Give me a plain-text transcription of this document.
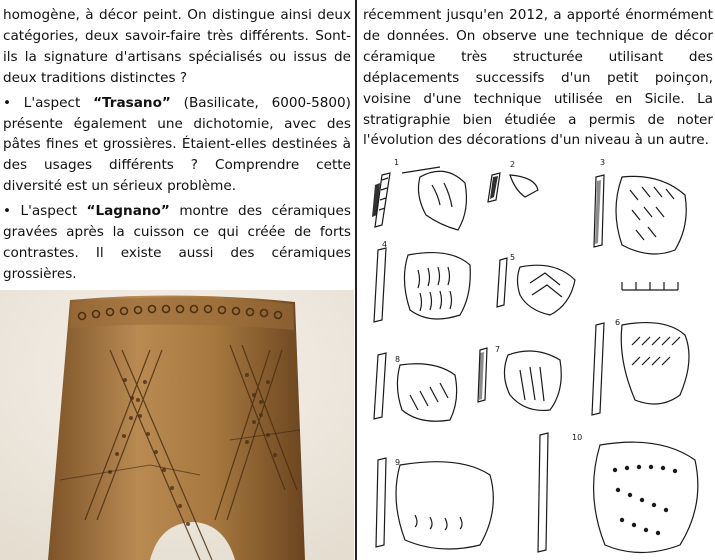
homogène, à décor peint. On distingue ainsi deux catégories, deux savoir-faire très différents. Sont-ils la signature d'artisans spécialisés ou issus de deux traditions distinctes ?

• L'aspect “Trasano” (Basilicate, 6000-5800) présente également une dichotomie, avec des pâtes fines et grossières. Étaient-elles destinées à des usages différents ? Comprendre cette diversité est un sérieux problème.

• L'aspect “Lagnano” montre des céramiques gravées après la cuisson ce qui créée de forts contrastes. Il existe aussi des céramiques grossières.

récemment jusqu'en 2012, a apporté énormément de données. On observe une technique de décor céramique très structurée utilisant des déplacements successifs d'un petit poinçon, voisine d'une technique utilisée en Sicile. La stratigraphie bien étudiée a permis de noter l'évolution des décorations d'un niveau à un autre.

1	2	3
4
5
6
7
8
9
10
